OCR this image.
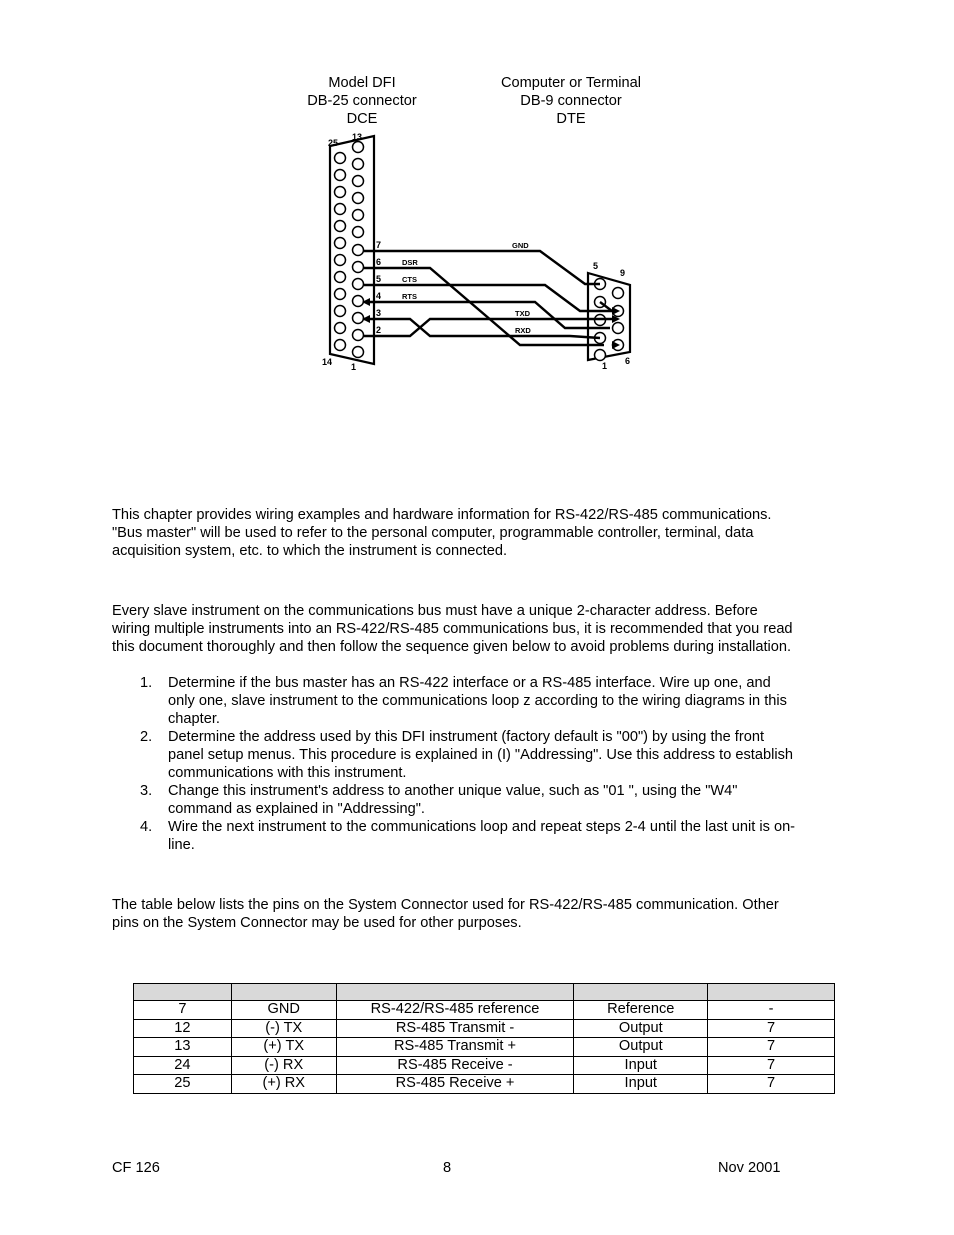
Model DFI
DB-25 connector
DCE
Computer or Terminal
DB-9 connector
DTE
25
13
14 1
7
6
5
4
3
2
5
9
1 6
GND
DSR
CTS
RTS
TXD
RXD

This chapter provides wiring examples and hardware information for RS-422/RS-485 communications.

"Bus master" will be used to refer to the personal computer, programmable controller, terminal, data

acquisition system, etc. to which the instrument is connected.

Every slave instrument on the communications bus must have a unique 2-character address. Before

wiring multiple instruments into an RS-422/RS-485 communications bus, it is recommended that you read

this document thoroughly and then follow the sequence given below to avoid problems during installation.

1. Determine if the bus master has an RS-422 interface or a RS-485 interface. Wire up one, and
only one, slave instrument to the communications loop z according to the wiring diagrams in this
chapter.
2. Determine the address used by this DFI instrument (factory default is "00") by using the front
panel setup menus. This procedure is explained in (I) "Addressing". Use this address to establish
communications with this instrument.
3. Change this instrument's address to another unique value, such as "01 ", using the "W4"
command as explained in "Addressing".
4. Wire the next instrument to the communications loop and repeat steps 2-4 until the last unit is on-
line.

The table below lists the pins on the System Connector used for RS-422/RS-485 communication. Other

pins on the System Connector may be used for other purposes.

7	GND	RS-422/RS-485 reference	Reference	-
12	(-) TX	RS-485 Transmit -	Output	7
13	(+) TX	RS-485 Transmit +	Output	7
24	(-) RX	RS-485 Receive -	Input	7
25	(+) RX	RS-485 Receive +	Input	7
CF 126	8	Nov 2001
